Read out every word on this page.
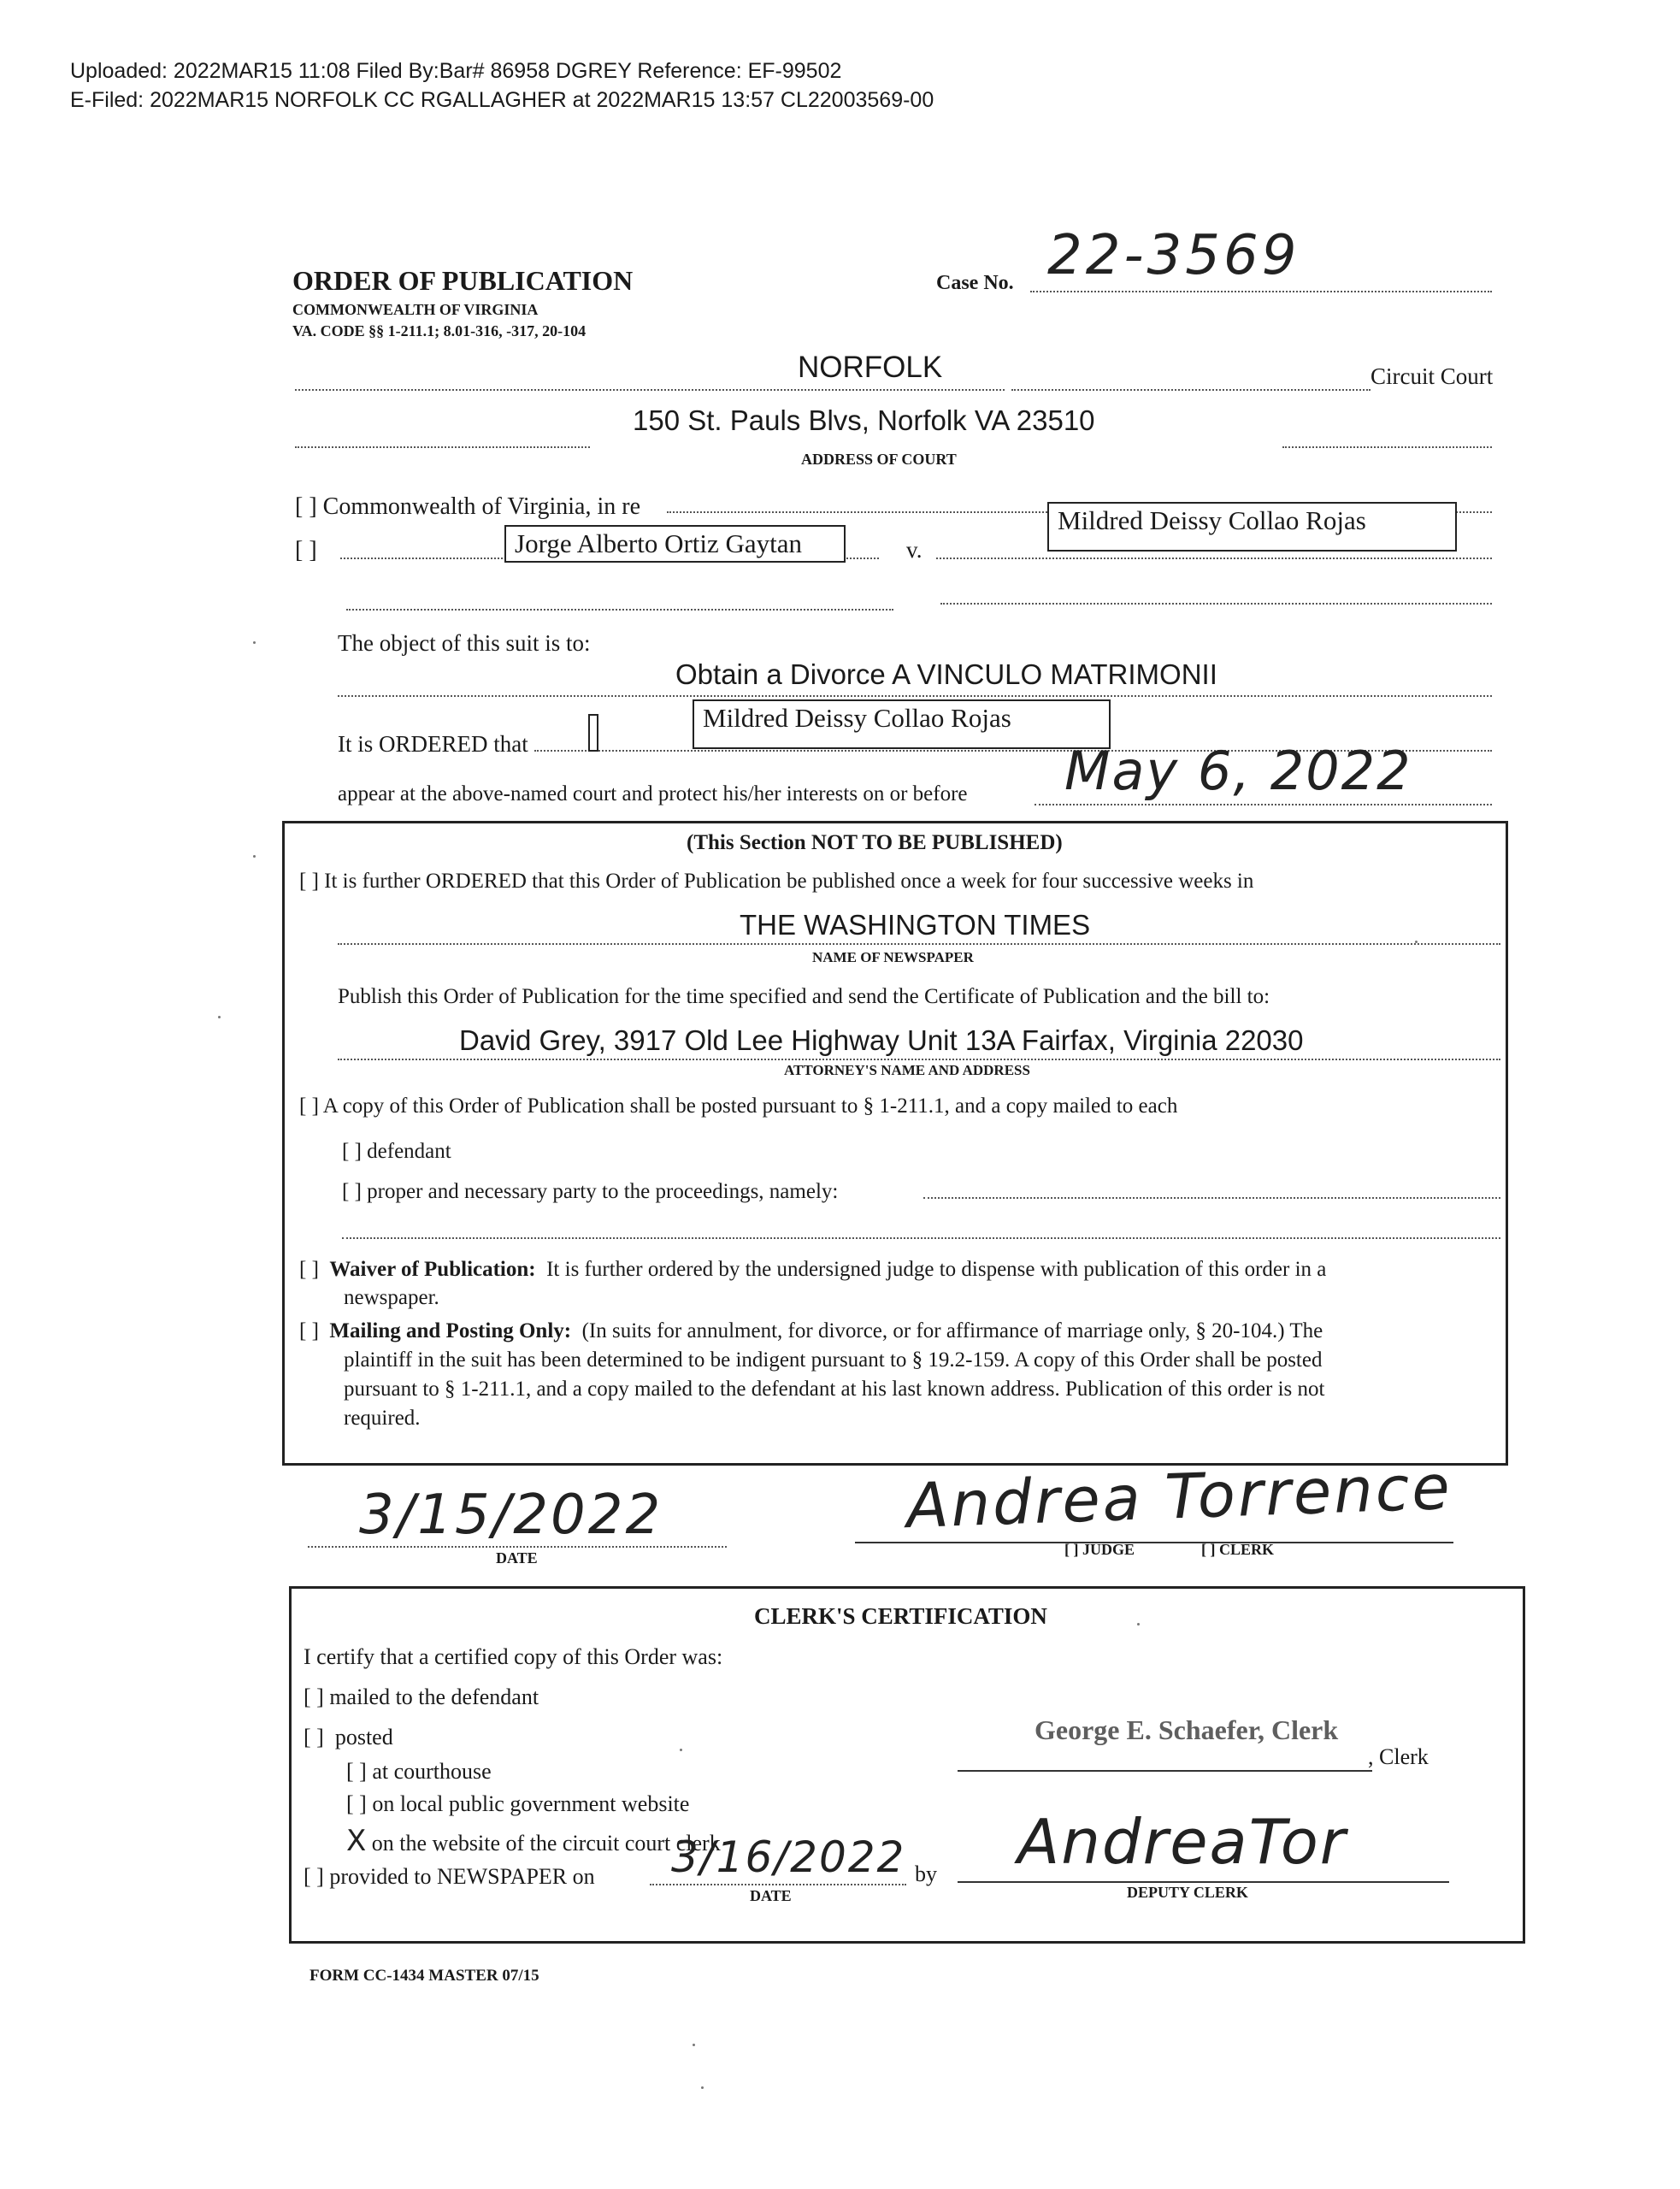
Uploaded: 2022MAR15 11:08 Filed By:Bar# 86958 DGREY Reference: EF-99502
E-Filed: 2022MAR15 NORFOLK CC RGALLAGHER at 2022MAR15 13:57 CL22003569-00
ORDER OF PUBLICATION
COMMONWEALTH OF VIRGINIA
VA. CODE §§ 1-211.1; 8.01-316, -317, 20-104
Case No. 22-3569
NORFOLK	Circuit Court
150 St. Pauls Blvs, Norfolk VA 23510
ADDRESS OF COURT
[ ] Commonwealth of Virginia, in re
[ ]	Jorge Alberto Ortiz Gaytan	v.
Mildred Deissy Collao Rojas
The object of this suit is to:
Obtain a Divorce A VINCULO MATRIMONII
It is ORDERED that
Mildred Deissy Collao Rojas
appear at the above-named court and protect his/her interests on or before May 6, 2022
(This Section NOT TO BE PUBLISHED)
[ ] It is further ORDERED that this Order of Publication be published once a week for four successive weeks in
THE WASHINGTON TIMES
NAME OF NEWSPAPER
Publish this Order of Publication for the time specified and send the Certificate of Publication and the bill to:
David Grey, 3917 Old Lee Highway Unit 13A Fairfax, Virginia 22030
ATTORNEY'S NAME AND ADDRESS
[ ] A copy of this Order of Publication shall be posted pursuant to § 1-211.1, and a copy mailed to each
[ ] defendant
[ ] proper and necessary party to the proceedings, namely:
[ ] Waiver of Publication: It is further ordered by the undersigned judge to dispense with publication of this order in a
newspaper.
[ ] Mailing and Posting Only: (In suits for annulment, for divorce, or for affirmance of marriage only, § 20-104.) The
plaintiff in the suit has been determined to be indigent pursuant to § 19.2-159. A copy of this Order shall be posted
pursuant to § 1-211.1, and a copy mailed to the defendant at his last known address. Publication of this order is not
required.
3/15/2022
DATE
Andrea Torrence
[ ] JUDGE	[ ] CLERK
CLERK'S CERTIFICATION
I certify that a certified copy of this Order was:
[ ] mailed to the defendant
[ ] posted
[ ] at courthouse
[ ] on local public government website
X on the website of the circuit court clerk
[ ] provided to NEWSPAPER on 3/16/2022
DATE
by
George E. Schaefer, Clerk
, Clerk
AndreaTor
DEPUTY CLERK
FORM CC-1434 MASTER 07/15
